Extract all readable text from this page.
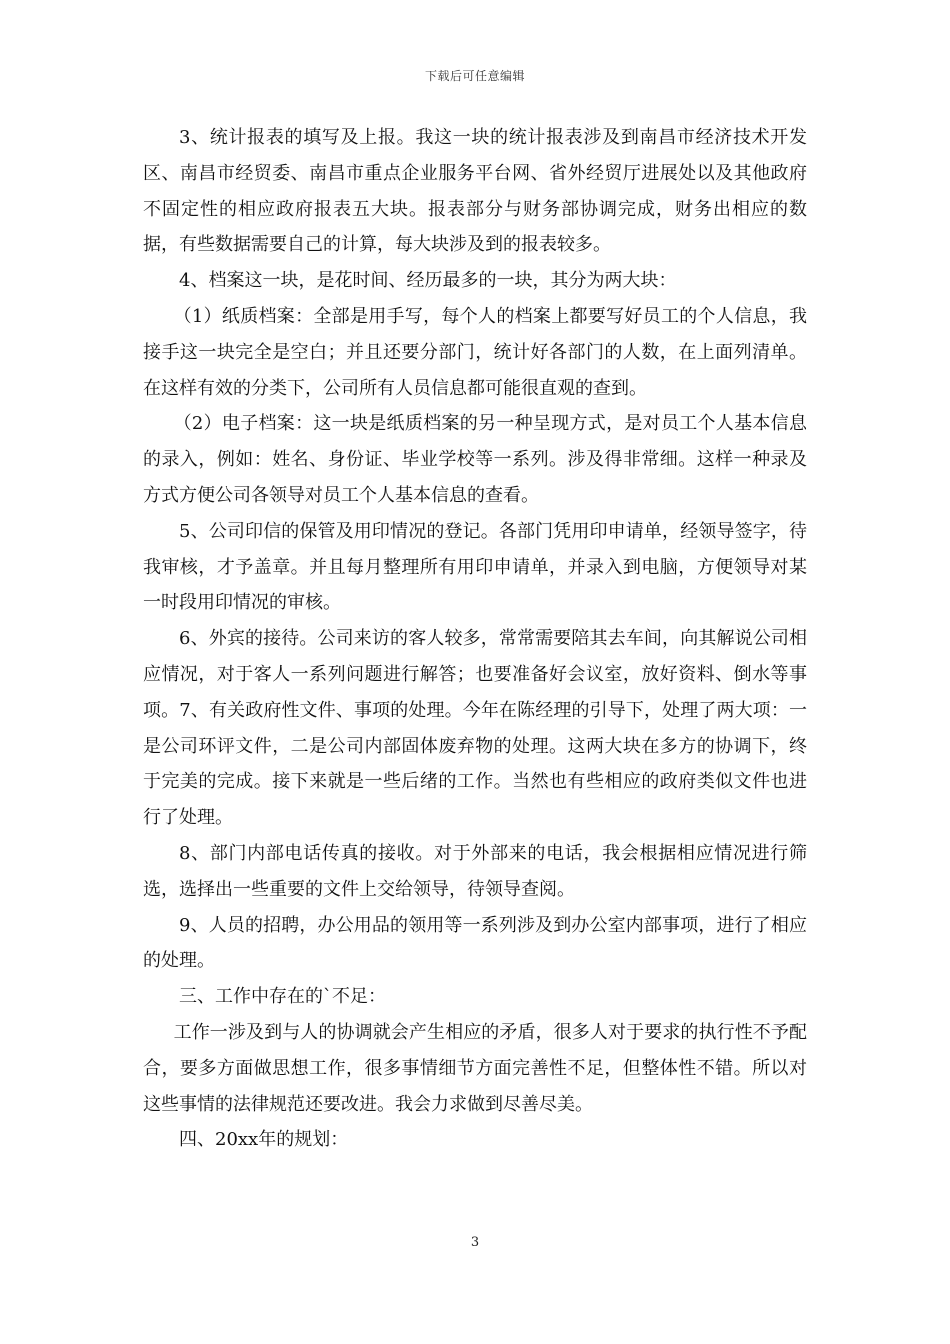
下载后可任意编辑

3、统计报表的填写及上报。我这一块的统计报表涉及到南昌市经济技术开发区、南昌市经贸委、南昌市重点企业服务平台网、省外经贸厅进展处以及其他政府不固定性的相应政府报表五大块。报表部分与财务部协调完成，财务出相应的数据，有些数据需要自己的计算，每大块涉及到的报表较多。

4、档案这一块，是花时间、经历最多的一块，其分为两大块：

（1）纸质档案：全部是用手写，每个人的档案上都要写好员工的个人信息，我接手这一块完全是空白；并且还要分部门，统计好各部门的人数，在上面列清单。在这样有效的分类下，公司所有人员信息都可能很直观的查到。

（2）电子档案：这一块是纸质档案的另一种呈现方式，是对员工个人基本信息的录入，例如：姓名、身份证、毕业学校等一系列。涉及得非常细。这样一种录及方式方便公司各领导对员工个人基本信息的查看。

5、公司印信的保管及用印情况的登记。各部门凭用印申请单，经领导签字，待我审核，才予盖章。并且每月整理所有用印申请单，并录入到电脑，方便领导对某一时段用印情况的审核。

6、外宾的接待。公司来访的客人较多，常常需要陪其去车间，向其解说公司相应情况，对于客人一系列问题进行解答；也要准备好会议室，放好资料、倒水等事项。7、有关政府性文件、事项的处理。今年在陈经理的引导下，处理了两大项：一是公司环评文件，二是公司内部固体废弃物的处理。这两大块在多方的协调下，终于完美的完成。接下来就是一些后绪的工作。当然也有些相应的政府类似文件也进行了处理。

8、部门内部电话传真的接收。对于外部来的电话，我会根据相应情况进行筛选，选择出一些重要的文件上交给领导，待领导查阅。

9、人员的招聘，办公用品的领用等一系列涉及到办公室内部事项，进行了相应的处理。

三、工作中存在的`不足：

工作一涉及到与人的协调就会产生相应的矛盾，很多人对于要求的执行性不予配合，要多方面做思想工作，很多事情细节方面完善性不足，但整体性不错。所以对这些事情的法律规范还要改进。我会力求做到尽善尽美。

四、20xx年的规划：

3
